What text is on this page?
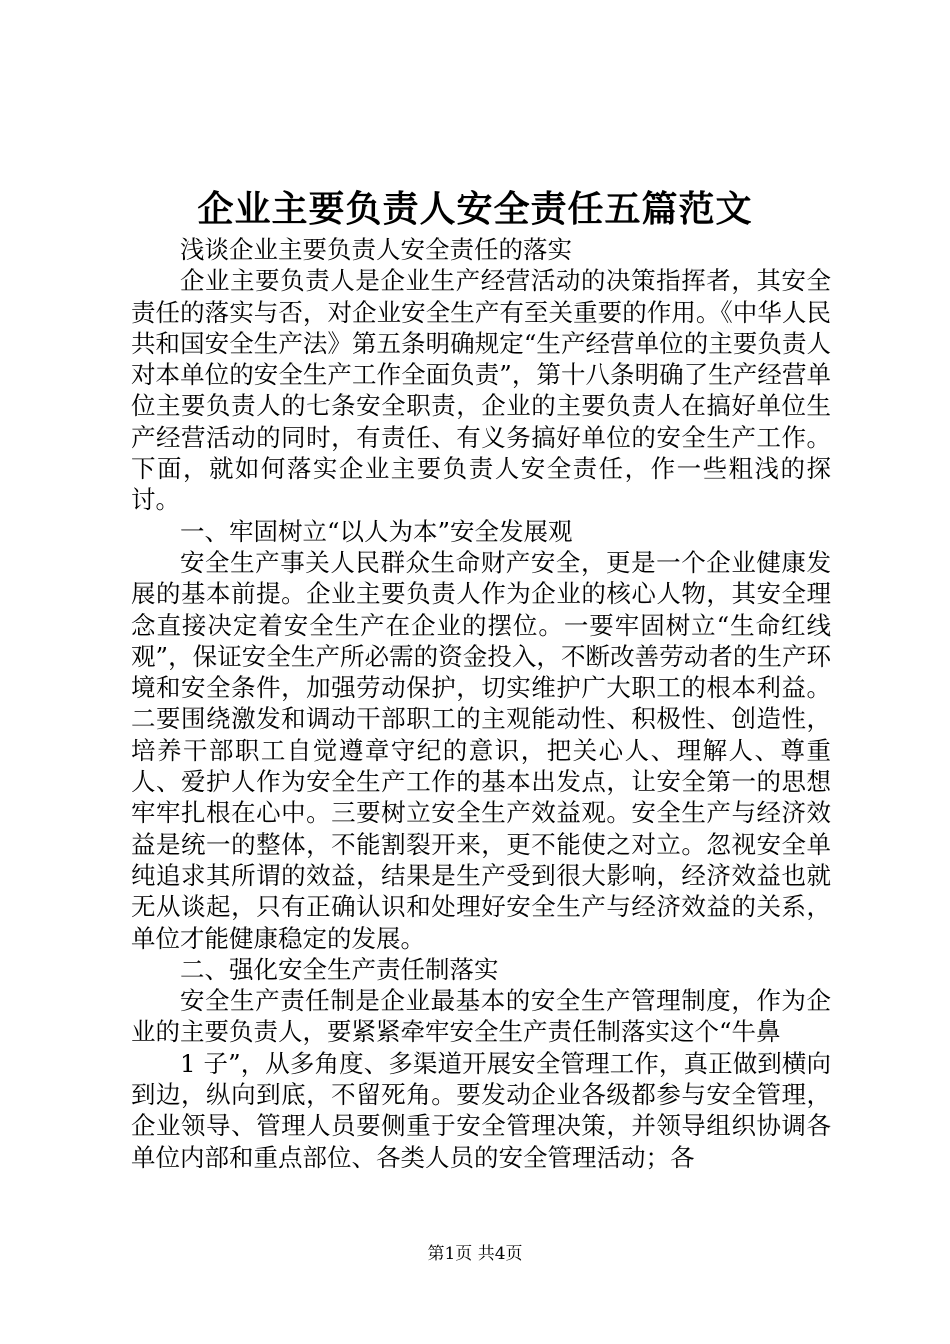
企业主要负责人安全责任五篇范文

浅谈企业主要负责人安全责任的落实

企业主要负责人是企业生产经营活动的决策指挥者，其安全责任的落实与否，对企业安全生产有至关重要的作用。《中华人民共和国安全生产法》第五条明确规定“生产经营单位的主要负责人对本单位的安全生产工作全面负责”，第十八条明确了生产经营单位主要负责人的七条安全职责，企业的主要负责人在搞好单位生产经营活动的同时，有责任、有义务搞好单位的安全生产工作。下面，就如何落实企业主要负责人安全责任，作一些粗浅的探讨。

一、牢固树立“以人为本”安全发展观

安全生产事关人民群众生命财产安全，更是一个企业健康发展的基本前提。企业主要负责人作为企业的核心人物，其安全理念直接决定着安全生产在企业的摆位。一要牢固树立“生命红线观”，保证安全生产所必需的资金投入，不断改善劳动者的生产环境和安全条件，加强劳动保护，切实维护广大职工的根本利益。二要围绕激发和调动干部职工的主观能动性、积极性、创造性，培养干部职工自觉遵章守纪的意识，把关心人、理解人、尊重人、爱护人作为安全生产工作的基本出发点，让安全第一的思想牢牢扎根在心中。三要树立安全生产效益观。安全生产与经济效益是统一的整体，不能割裂开来，更不能使之对立。忽视安全单纯追求其所谓的效益，结果是生产受到很大影响，经济效益也就无从谈起，只有正确认识和处理好安全生产与经济效益的关系，单位才能健康稳定的发展。

二、强化安全生产责任制落实

安全生产责任制是企业最基本的安全生产管理制度，作为企业的主要负责人，要紧紧牵牢安全生产责任制落实这个“牛鼻

1 子”，从多角度、多渠道开展安全管理工作，真正做到横向到边，纵向到底，不留死角。要发动企业各级都参与安全管理，企业领导、管理人员要侧重于安全管理决策，并领导组织协调各单位内部和重点部位、各类人员的安全管理活动；各

第1页 共4页
